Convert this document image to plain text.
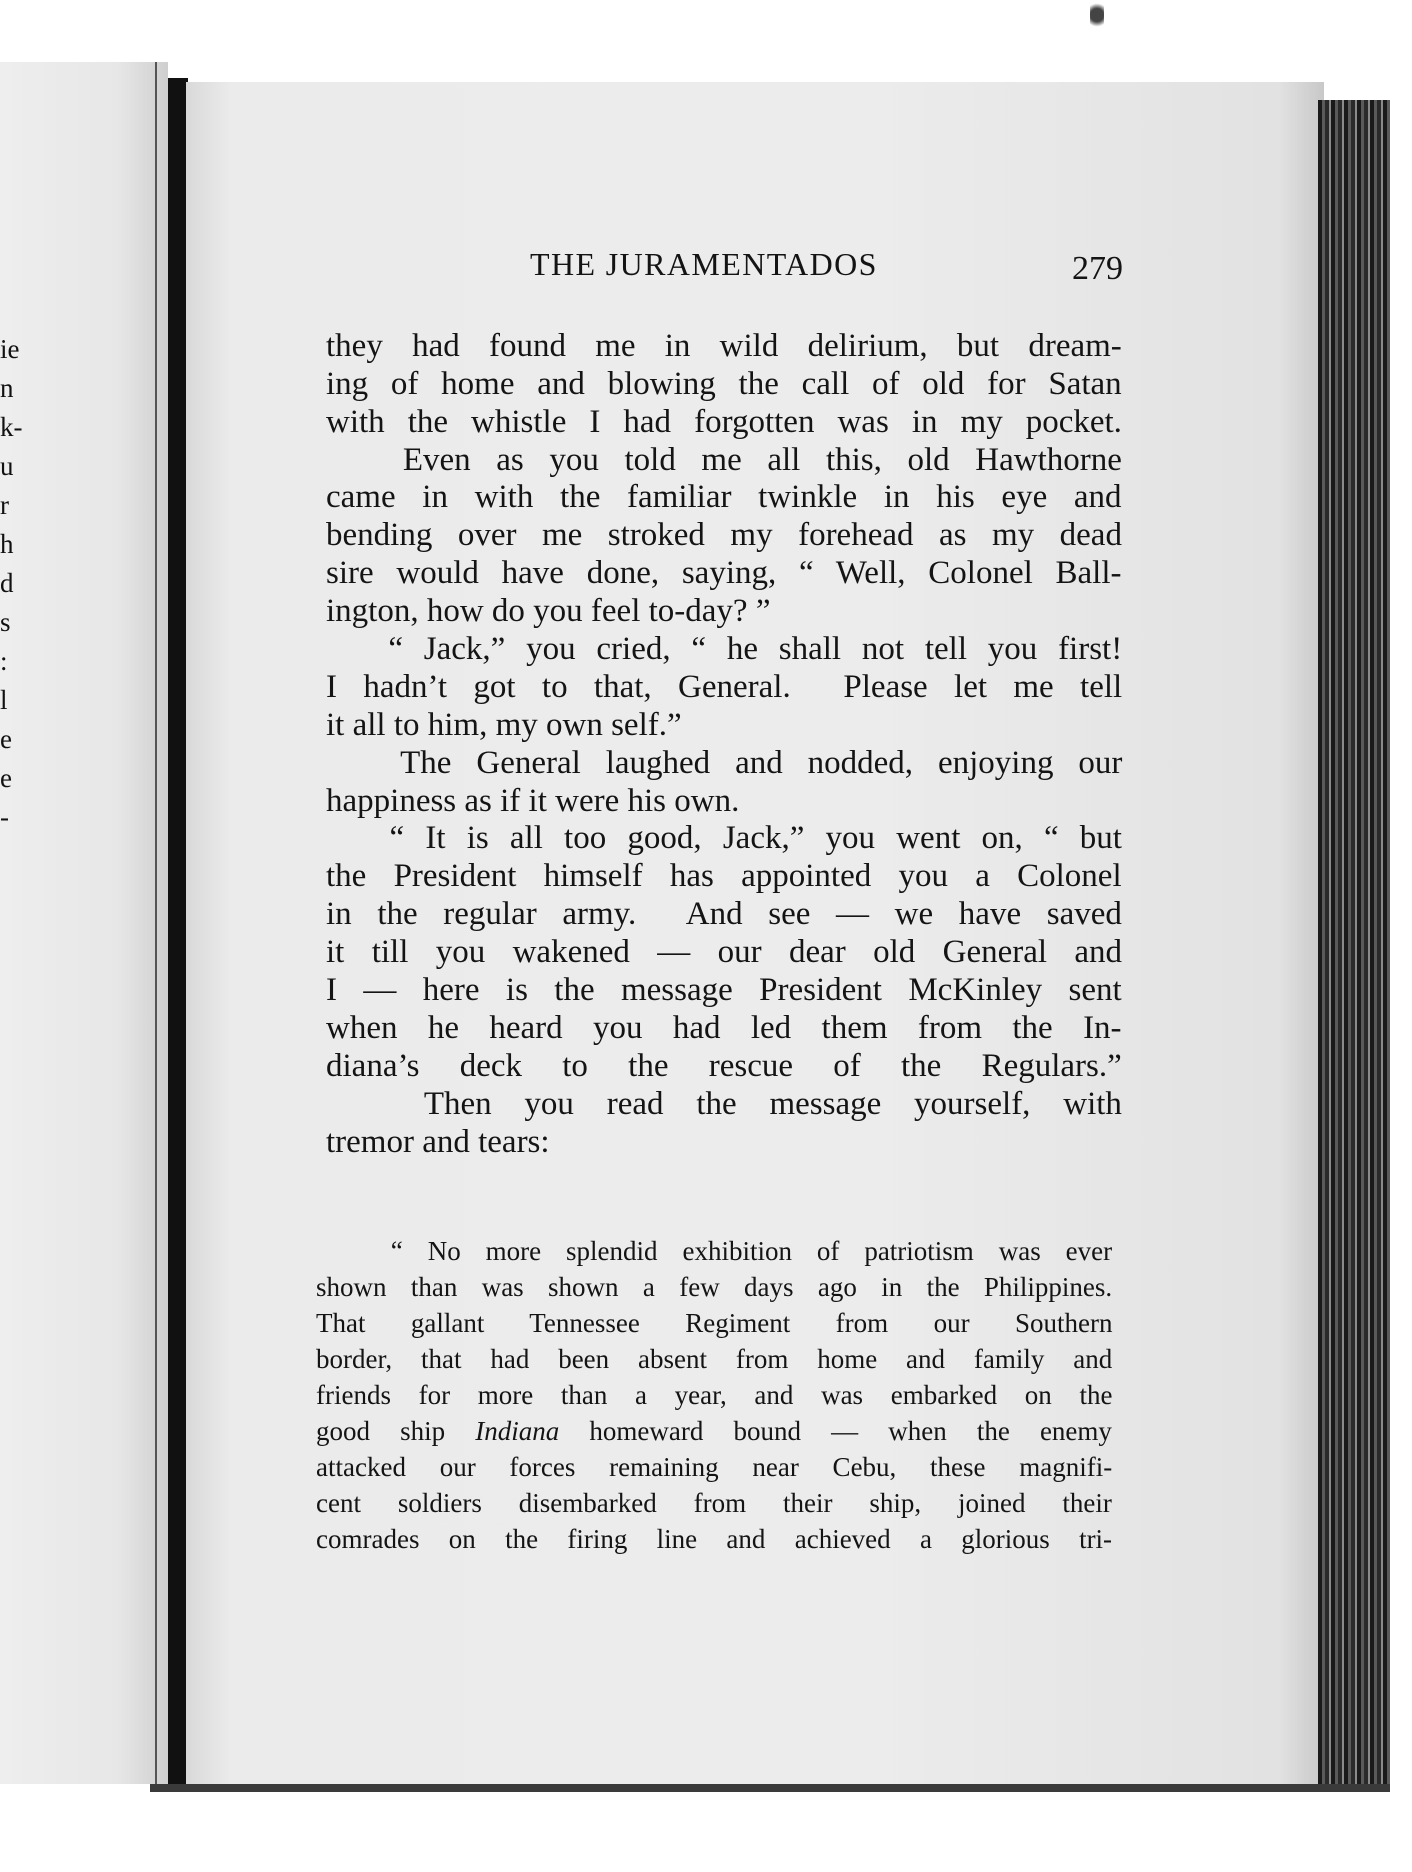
ie
n
k-
u
r
h
d
s
:
l
e
e
-
THE JURAMENTADOS	279
they had found me in wild delirium, but dream-
ing of home and blowing the call of old for Satan
with the whistle I had forgotten was in my pocket.
Even as you told me all this, old Hawthorne
came in with the familiar twinkle in his eye and
bending over me stroked my forehead as my dead
sire would have done, saying, “ Well, Colonel Ball-
ington, how do you feel to-day? ”
“ Jack,” you cried, “ he shall not tell you first!
I hadn’t got to that, General.  Please let me tell
it all to him, my own self.”
The General laughed and nodded, enjoying our
happiness as if it were his own.
“ It is all too good, Jack,” you went on, “ but
the President himself has appointed you a Colonel
in the regular army.  And see — we have saved
it till you wakened — our dear old General and
I — here is the message President McKinley sent
when he heard you had led them from the In-
diana’s deck to the rescue of the Regulars.”
Then you read the message yourself, with
tremor and tears:
“ No more splendid exhibition of patriotism was ever
shown than was shown a few days ago in the Philippines.
That gallant Tennessee Regiment from our Southern
border, that had been absent from home and family and
friends for more than a year, and was embarked on the
good ship Indiana homeward bound — when the enemy
attacked our forces remaining near Cebu, these magnifi-
cent soldiers disembarked from their ship, joined their
comrades on the firing line and achieved a glorious tri-
